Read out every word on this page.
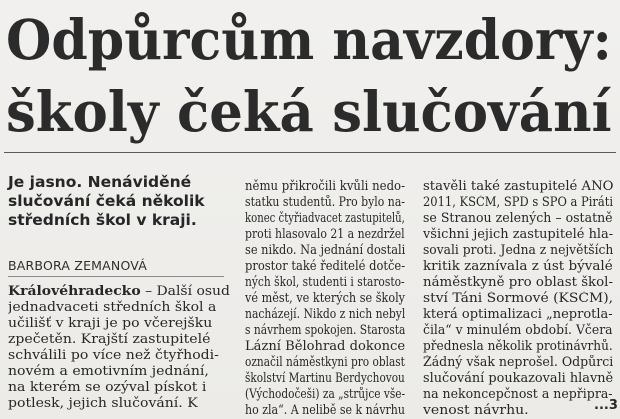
Odpůrcům navzdory:
školy čeká slučování

Je jasno. Nenáviděné
slučování čeká několik
středních škol v kraji.

BARBORA ZEMANOVÁ

Královéhradecko – Další osud
jednadvaceti středních škol a
učilišť v kraji je po včerejšku
zpečetěn. Krajští zastupitelé
schválili po více než čtyřhodi-
novém a emotivním jednání,
na kterém se ozýval pískot i
potlesk, jejich slučování. K
němu přikročili kvůli nedo-
statku studentů. Pro bylo na-
konec čtyřiadvacet zastupitelů,
proti hlasovalo 21 a nezdržel
se nikdo. Na jednání dostali
prostor také ředitelé dotče-
ných škol, studenti i starosto-
vé měst, ve kterých se školy
nacházejí. Nikdo z nich nebyl
s návrhem spokojen. Starosta
Lázní Bělohrad dokonce
označil náměstkyni pro oblast
školství Martinu Berdychovou
(Východočeši) za „strůjce vše-
ho zla“. A nelibě se k návrhu
stavěli také zastupitelé ANO
2011, KSČM, SPD s SPO a Piráti
se Stranou zelených – ostatně
všichni jejich zastupitelé hla-
sovali proti. Jedna z největších
kritik zaznívala z úst bývalé
náměstkyně pro oblast škol-
ství Táni Šormové (KSČM),
která optimalizaci „neprotla-
čila“ v minulém období. Včera
přednesla několik protinávrhů.
Žádný však neprošel. Odpůrci
slučování poukazovali hlavně
na nekoncepčnost a nepřipra-
venost návrhu.	...3
